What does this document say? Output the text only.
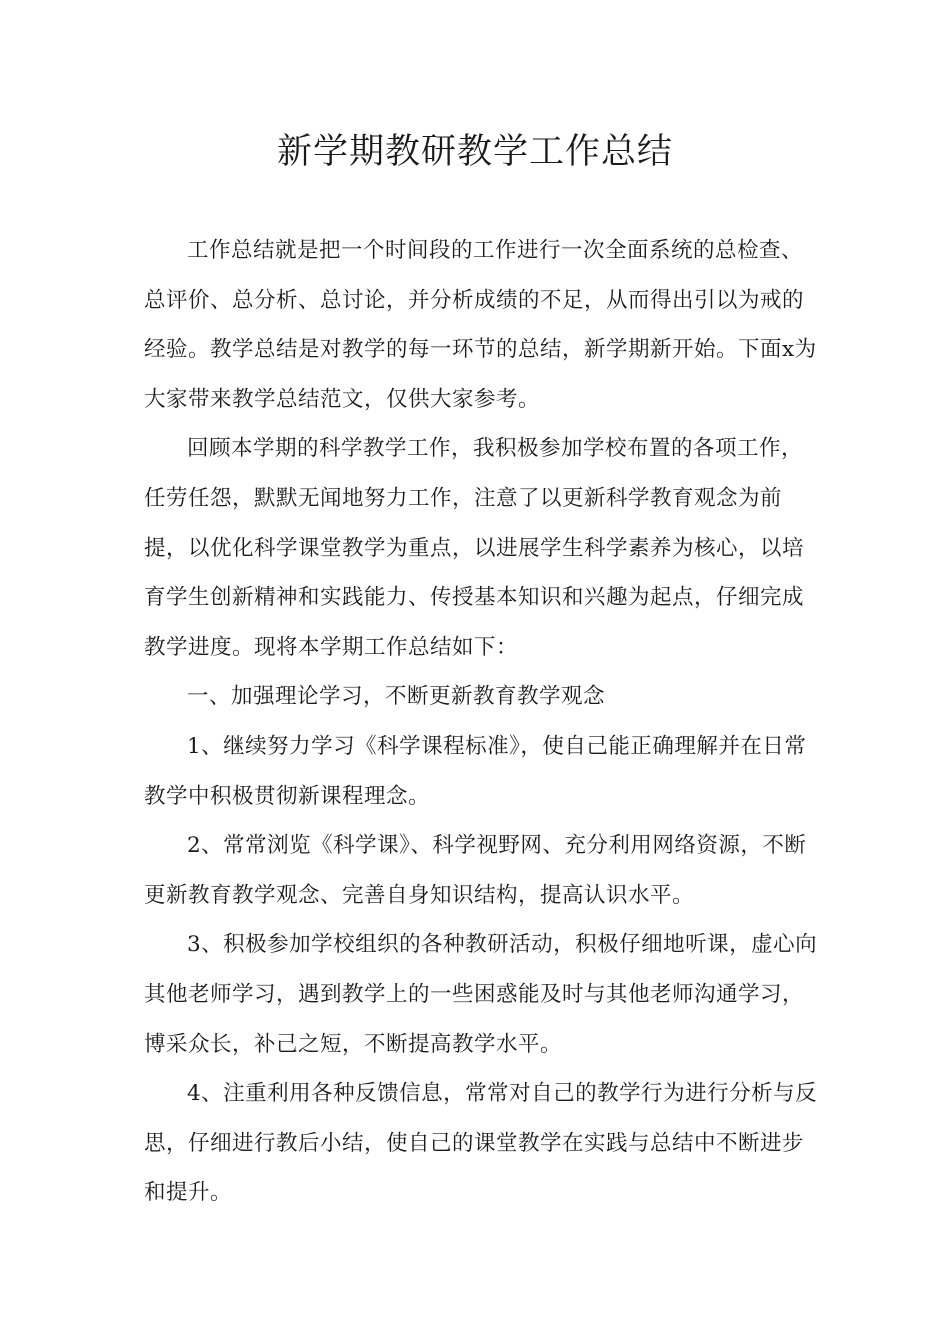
新学期教研教学工作总结

工作总结就是把一个时间段的工作进行一次全面系统的总检查、总评价、总分析、总讨论，并分析成绩的不足，从而得出引以为戒的经验。教学总结是对教学的每一环节的总结，新学期新开始。下面x为大家带来教学总结范文，仅供大家参考。

回顾本学期的科学教学工作，我积极参加学校布置的各项工作，任劳任怨，默默无闻地努力工作，注意了以更新科学教育观念为前提，以优化科学课堂教学为重点，以进展学生科学素养为核心，以培育学生创新精神和实践能力、传授基本知识和兴趣为起点，仔细完成教学进度。现将本学期工作总结如下：

一、加强理论学习，不断更新教育教学观念

1、继续努力学习《科学课程标准》，使自己能正确理解并在日常教学中积极贯彻新课程理念。

2、常常浏览《科学课》、科学视野网、充分利用网络资源，不断更新教育教学观念、完善自身知识结构，提高认识水平。

3、积极参加学校组织的各种教研活动，积极仔细地听课，虚心向其他老师学习，遇到教学上的一些困惑能及时与其他老师沟通学习，博采众长，补己之短，不断提高教学水平。

4、注重利用各种反馈信息，常常对自己的教学行为进行分析与反思，仔细进行教后小结，使自己的课堂教学在实践与总结中不断进步和提升。
